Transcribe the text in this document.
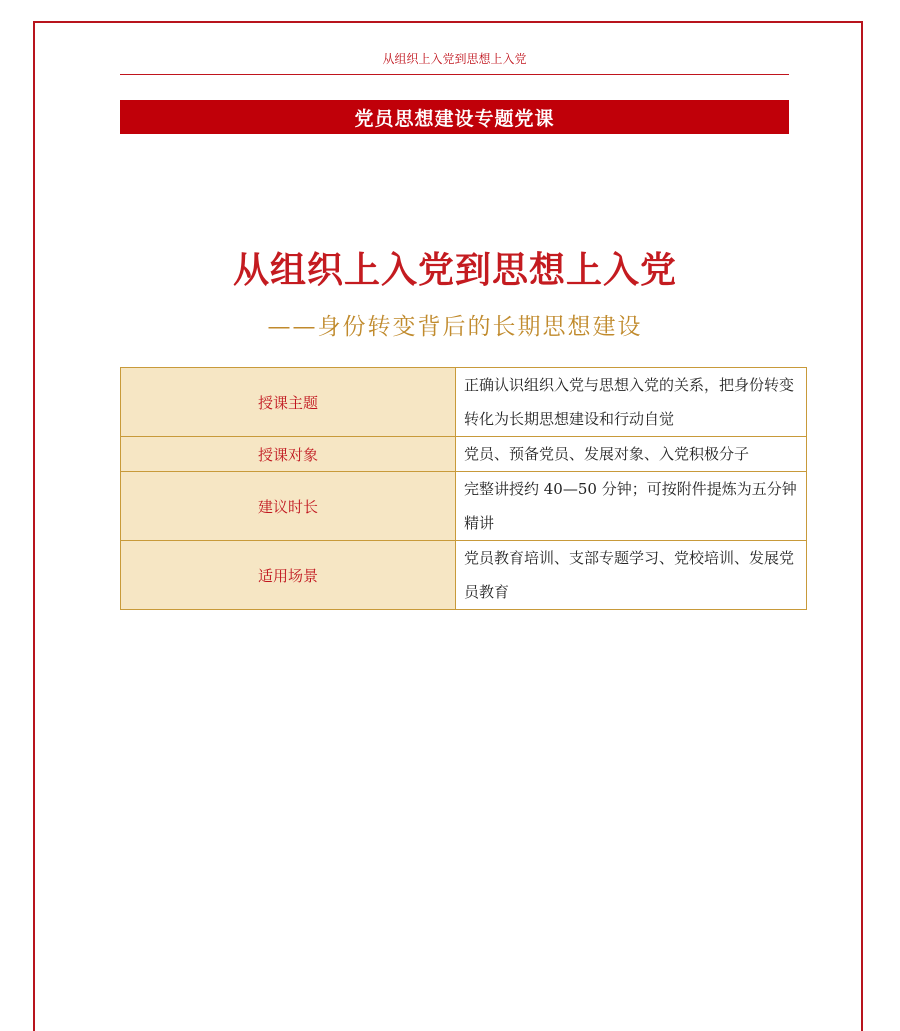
从组织上入党到思想上入党
党员思想建设专题党课
从组织上入党到思想上入党
——身份转变背后的长期思想建设
授课主题	正确认识组织入党与思想入党的关系，把身份转变转化为长期思想建设和行动自觉
授课对象	党员、预备党员、发展对象、入党积极分子
建议时长	完整讲授约 40—50 分钟；可按附件提炼为五分钟精讲
适用场景	党员教育培训、支部专题学习、党校培训、发展党员教育
